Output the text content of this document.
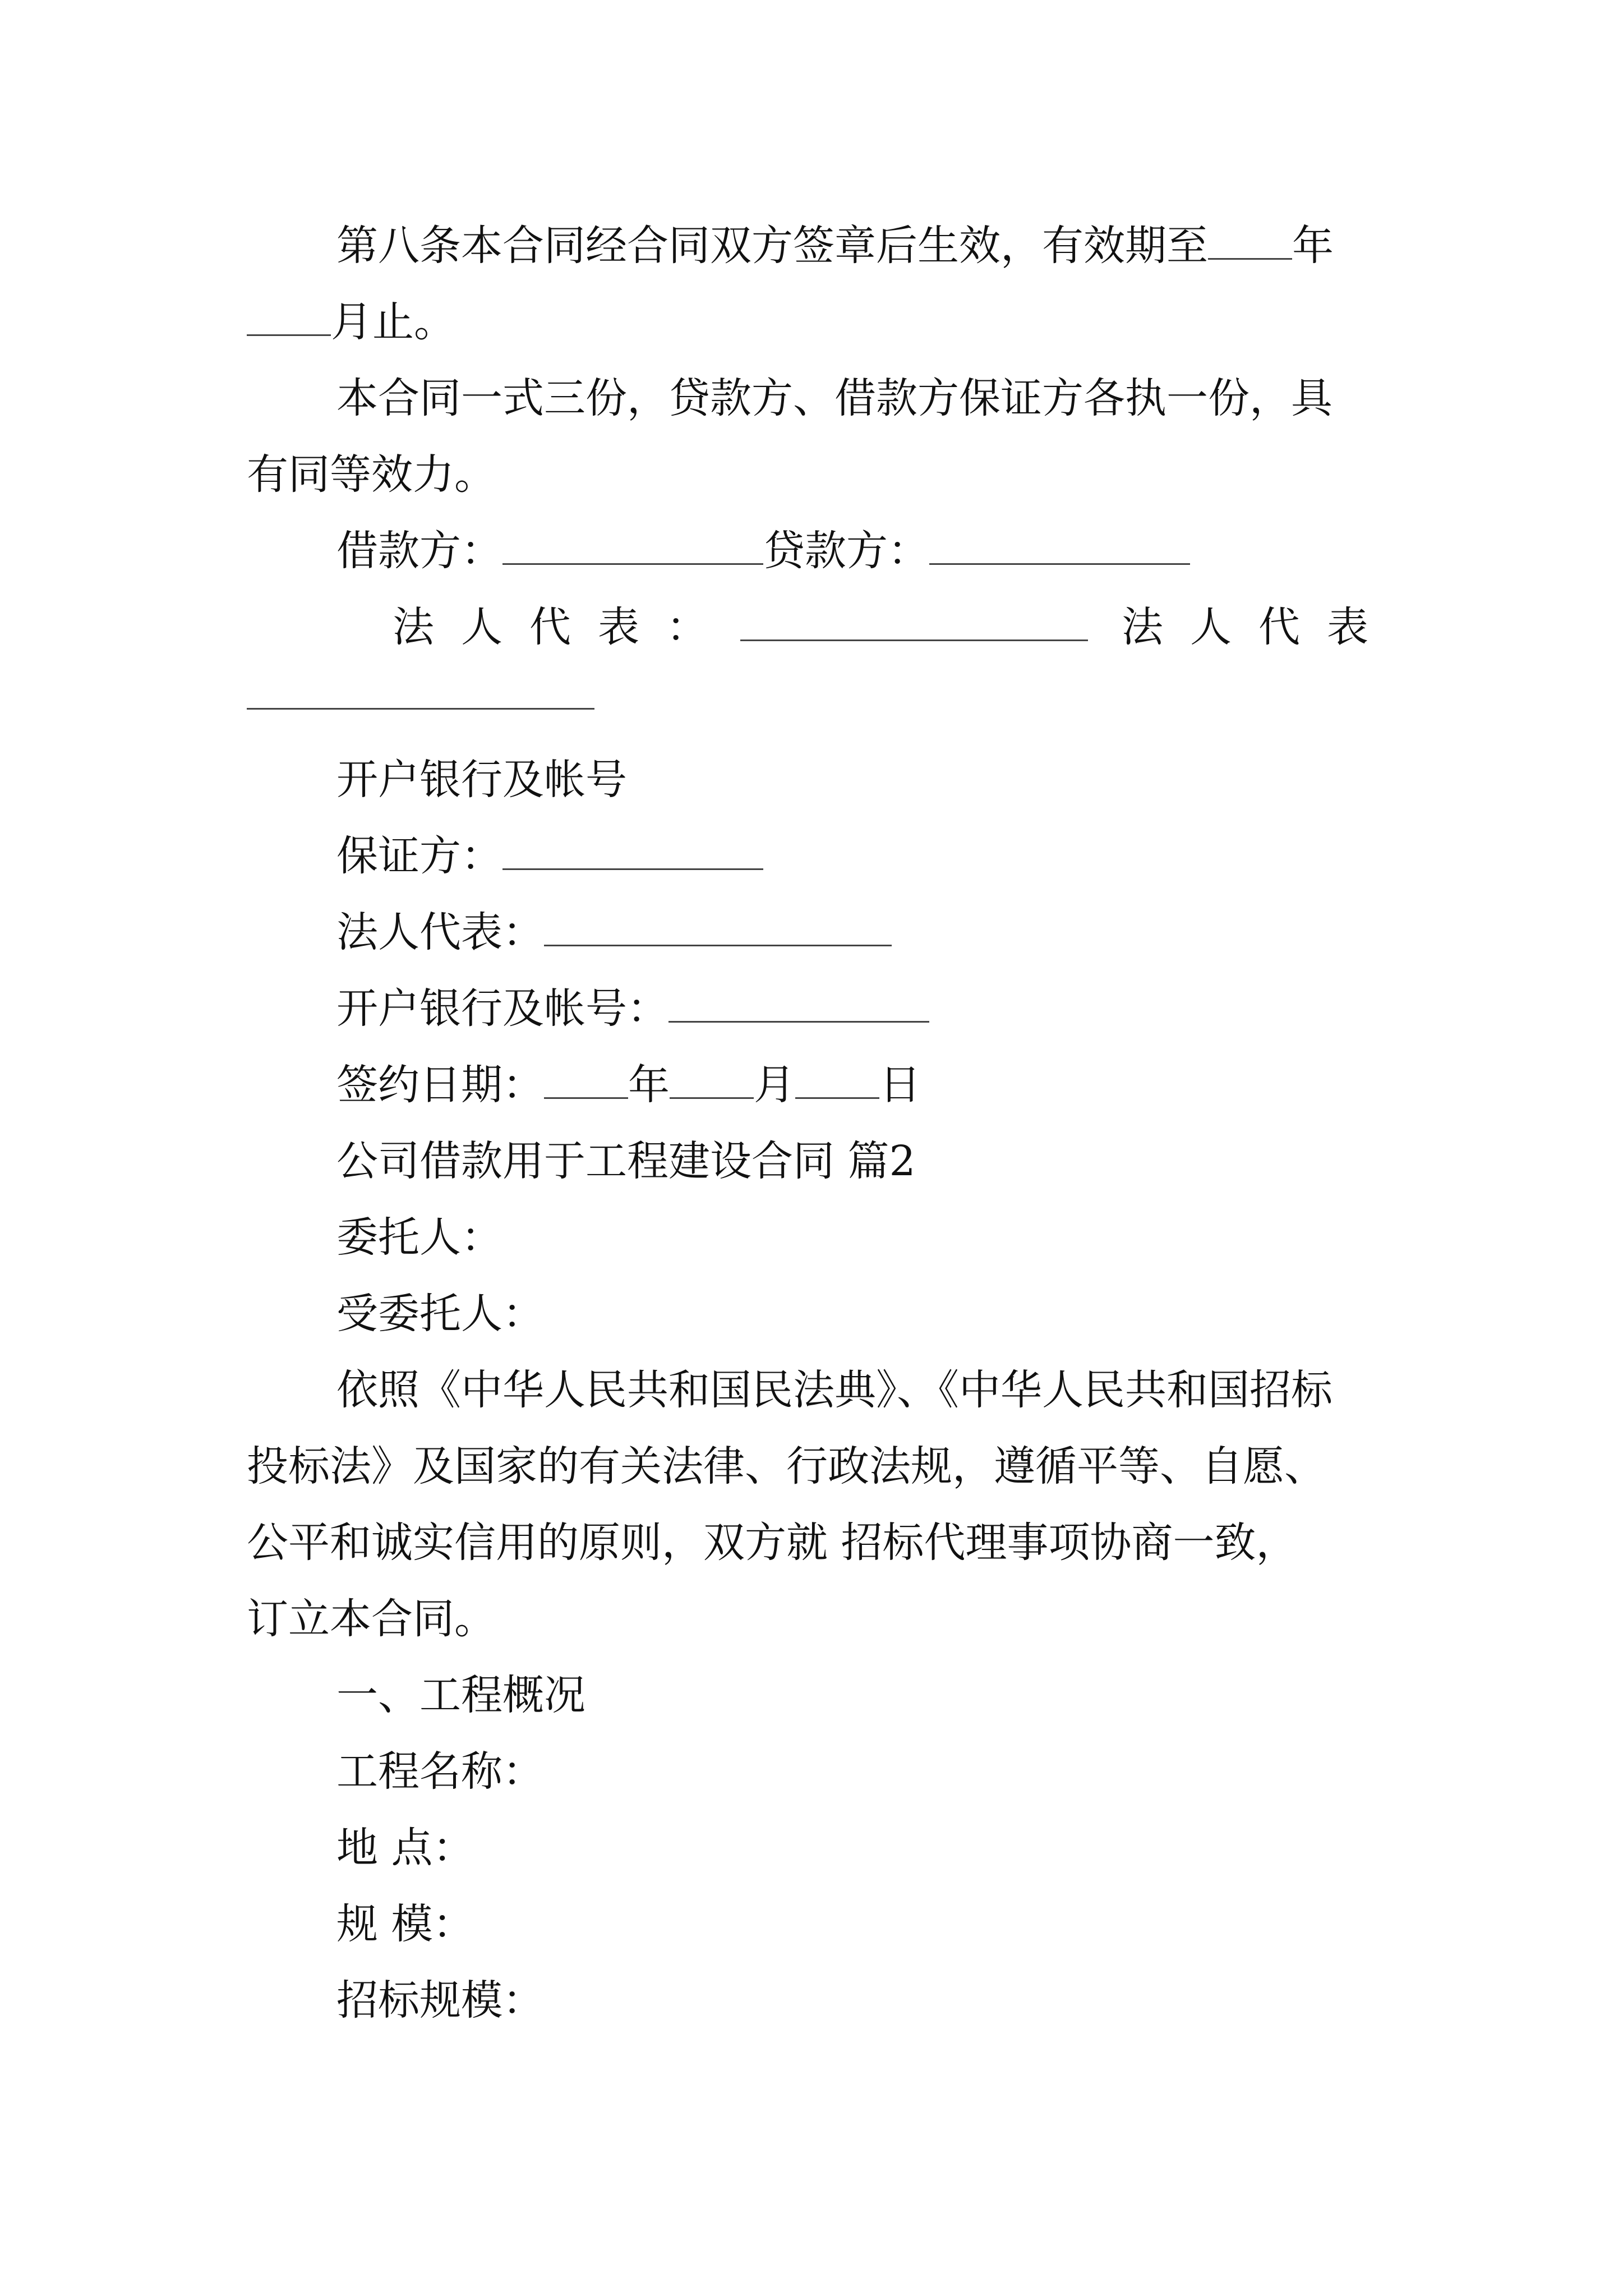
第八条本合同经合同双方签章后生效，有效期至 年
月止。
本合同一式三份，贷款方、借款方保证方各执一份，具
有同等效力。
借款方：	贷款方：
法人代表：	法人代表
开户银行及帐号
保证方：
法人代表：
开户银行及帐号：
签约日期： 年 月 日
公司借款用于工程建设合同 篇2
委托人：
受委托人：
依照《中华人民共和国民法典》、《中华人民共和国招标
投标法》及国家的有关法律、行政法规，遵循平等、自愿、
公平和诚实信用的原则，双方就 招标代理事项协商一致，
订立本合同。
一、工程概况
工程名称：
地 点：
规 模：
招标规模：
